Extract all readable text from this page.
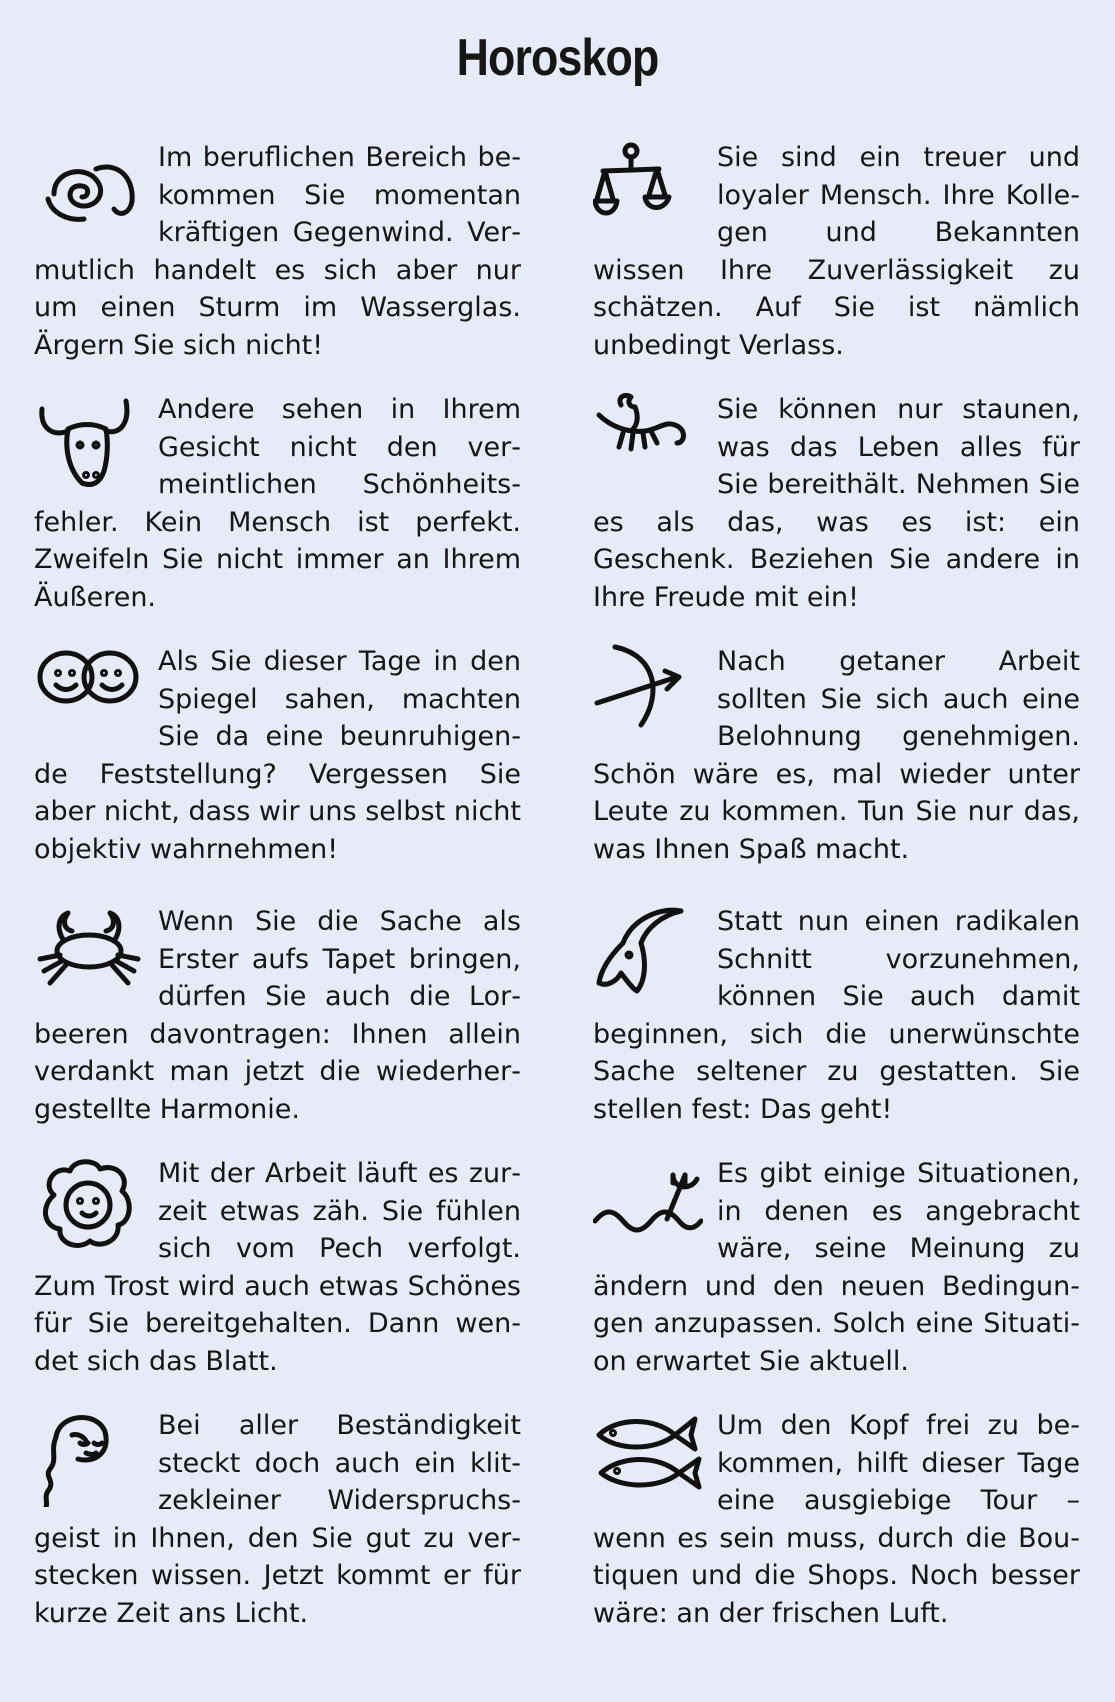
Horoskop

Im beruflichen Bereich bekommen Sie momentan kräftigen Gegenwind. Vermutlich handelt es sich aber nur um einen Sturm im Wasserglas. Ärgern Sie sich nicht!

Andere sehen in Ihrem Gesicht nicht den vermeintlichen Schönheitsfehler. Kein Mensch ist perfekt. Zweifeln Sie nicht immer an Ihrem Äußeren.

Als Sie dieser Tage in den Spiegel sahen, machten Sie da eine beunruhigende Feststellung? Vergessen Sie aber nicht, dass wir uns selbst nicht objektiv wahrnehmen!

Wenn Sie die Sache als Erster aufs Tapet bringen, dürfen Sie auch die Lorbeeren davontragen: Ihnen allein verdankt man jetzt die wiederhergestellte Harmonie.

Mit der Arbeit läuft es zurzeit etwas zäh. Sie fühlen sich vom Pech verfolgt. Zum Trost wird auch etwas Schönes für Sie bereitgehalten. Dann wendet sich das Blatt.

Bei aller Beständigkeit steckt doch auch ein klitzekleiner Widerspruchsgeist in Ihnen, den Sie gut zu verstecken wissen. Jetzt kommt er für kurze Zeit ans Licht.

Sie sind ein treuer und loyaler Mensch. Ihre Kollegen und Bekannten wissen Ihre Zuverlässigkeit zu schätzen. Auf Sie ist nämlich unbedingt Verlass.

Sie können nur staunen, was das Leben alles für Sie bereithält. Nehmen Sie es als das, was es ist: ein Geschenk. Beziehen Sie andere in Ihre Freude mit ein!

Nach getaner Arbeit sollten Sie sich auch eine Belohnung genehmigen. Schön wäre es, mal wieder unter Leute zu kommen. Tun Sie nur das, was Ihnen Spaß macht.

Statt nun einen radikalen Schnitt vorzunehmen, können Sie auch damit beginnen, sich die unerwünschte Sache seltener zu gestatten. Sie stellen fest: Das geht!

Es gibt einige Situationen, in denen es angebracht wäre, seine Meinung zu ändern und den neuen Bedingungen anzupassen. Solch eine Situation erwartet Sie aktuell.

Um den Kopf frei zu bekommen, hilft dieser Tage eine ausgiebige Tour – wenn es sein muss, durch die Boutiquen und die Shops. Noch besser wäre: an der frischen Luft.
